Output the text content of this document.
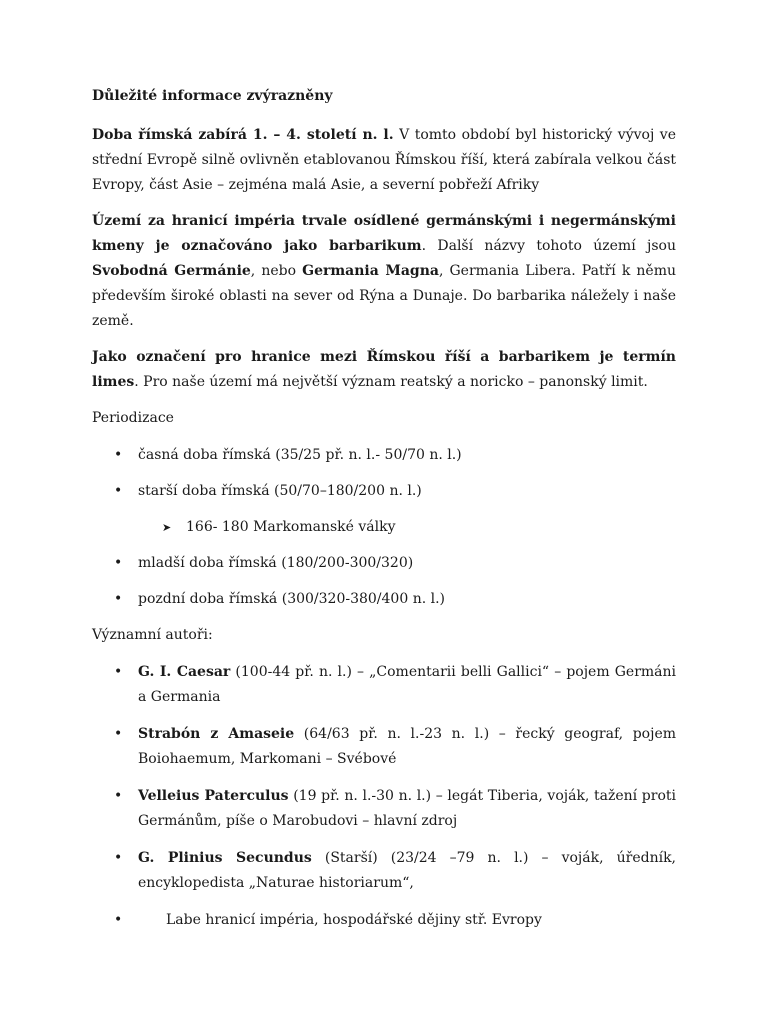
Důležité informace zvýrazněny

Doba římská zabírá 1. – 4. století n. l. V tomto období byl historický vývoj ve střední Evropě silně ovlivněn etablovanou Římskou říší, která zabírala velkou část Evropy, část Asie – zejména malá Asie, a severní pobřeží Afriky

Území za hranicí impéria trvale osídlené germánskými i negermánskými kmeny je označováno jako barbarikum. Další názvy tohoto území jsou Svobodná Germánie, nebo Germania Magna, Germania Libera. Patří k němu především široké oblasti na sever od Rýna a Dunaje. Do barbarika náležely i naše země.

Jako označení pro hranice mezi Římskou říší a barbarikem je termín limes. Pro naše území má největší význam reatský a noricko – panonský limit.

Periodizace

• časná doba římská (35/25 př. n. l.- 50/70 n. l.)
• starší doba římská (50/70–180/200 n. l.)
➤ 166- 180 Markomanské války
• mladší doba římská (180/200-300/320)
• pozdní doba římská (300/320-380/400 n. l.)

Významní autoři:

• G. I. Caesar (100-44 př. n. l.) – „Comentarii belli Gallici“ – pojem Germáni a Germania
• Strabón z Amaseie (64/63 př. n. l.-23 n. l.) – řecký geograf, pojem Boiohaemum, Markomani – Svébové
• Velleius Paterculus (19 př. n. l.-30 n. l.) – legát Tiberia, voják, tažení proti Germánům, píše o Marobudovi – hlavní zdroj
• G. Plinius Secundus (Starší) (23/24 –79 n. l.) – voják, úředník, encyklopedista „Naturae historiarum“,
•	Labe hranicí impéria, hospodářské dějiny stř. Evropy
